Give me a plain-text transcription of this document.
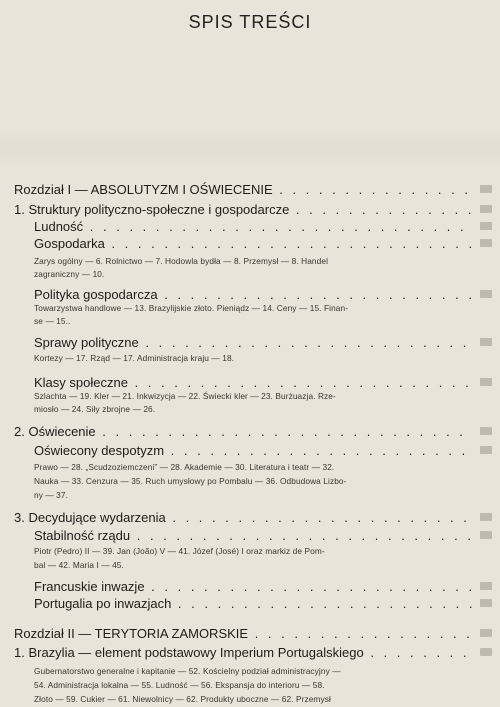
SPIS TREŚCI
Rozdział I — ABSOLUTYZM I OŚWIECENIE . . .
1. Struktury polityczno-społeczne i gospodarcze . . .
Ludność . . .
Gospodarka . . .
Zarys ogólny — 6. Rolnictwo — 7. Hodowla bydła — 8. Przemysł — 8. Handel
zagraniczny — 10.
Polityka gospodarcza . . .
Towarzystwa handlowe — 13. Brazylijskie złoto. Pieniądz — 14. Ceny — 15. Finan-
se — 15..
Sprawy polityczne . . .
Kortezy — 17. Rząd — 17. Administracja kraju — 18.
Klasy społeczne . . .
Szlachta — 19. Kler — 21. Inkwizycja — 22. Świecki kler — 23. Burżuazja. Rze-
miosło — 24. Siły zbrojne — 26.
2. Oświecenie . . .
Oświecony despotyzm . . .
Prawo — 28. „Scudzoziemczeni” — 28. Akademie — 30. Literatura i teatr — 32.
Nauka — 33. Cenzura — 35. Ruch umysłowy po Pombalu — 36. Odbudowa Lizbo-
ny — 37.
3. Decydujące wydarzenia . . .
Stabilność rządu . . .
Piotr (Pedro) II — 39. Jan (João) V — 41. Józef (José) I oraz markiz de Pom-
bal — 42. Maria I — 45.
Francuskie inwazje . . .
Portugalia po inwazjach . . .
Rozdział II — TERYTORIA ZAMORSKIE . . .
1. Brazylia — element podstawowy Imperium Portugalskiego . . .
Gubernatorstwo generalne i kapitanie — 52. Kościelny podział administracyjny —
54. Administracja lokalna — 55. Ludność — 56. Ekspansja do interioru — 58.
Złoto — 59. Cukier — 61. Niewolnicy — 62. Produkty uboczne — 62. Przemysł
